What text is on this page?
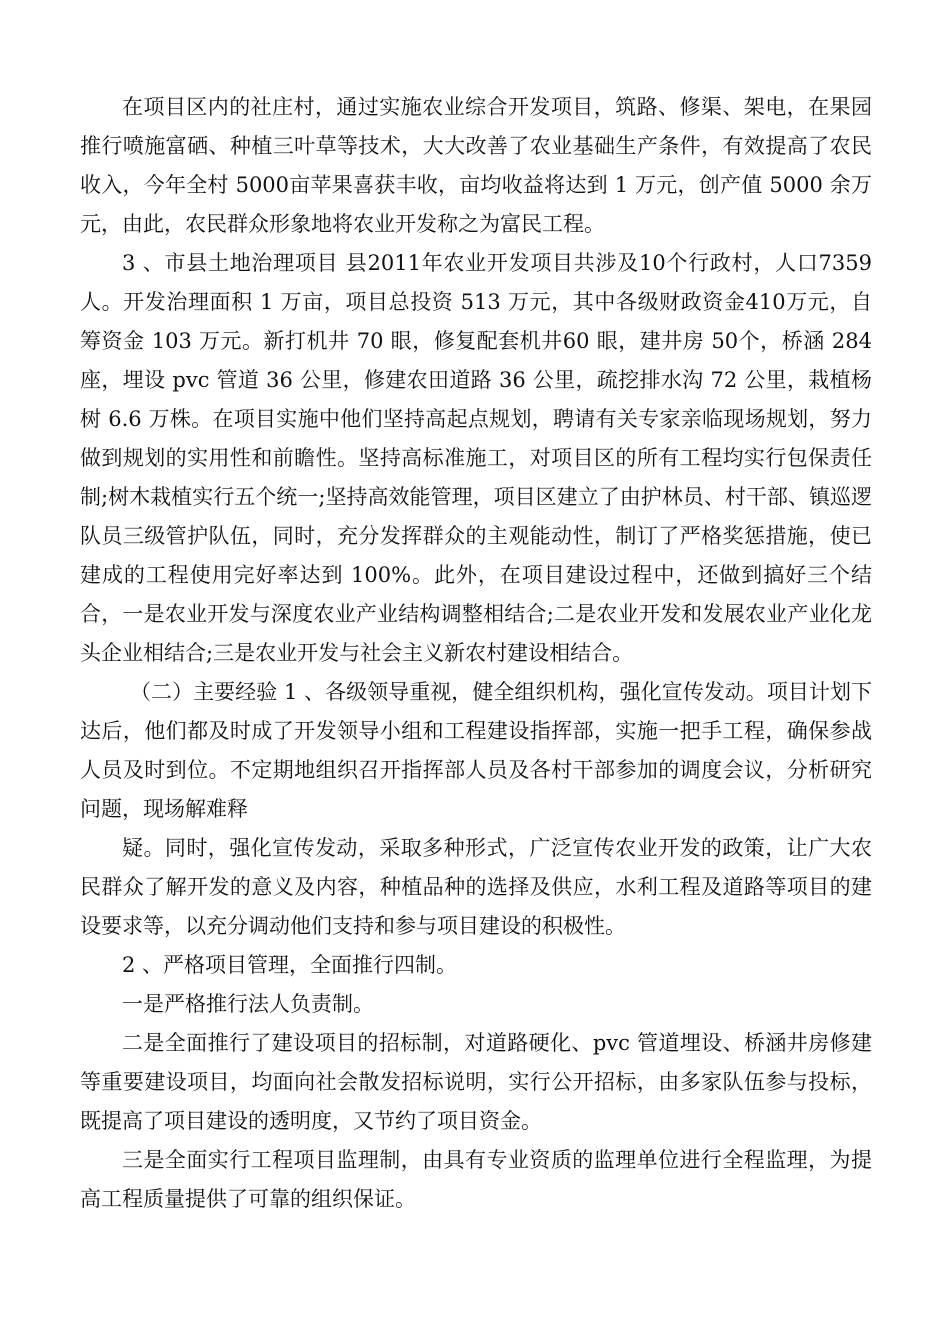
在项目区内的社庄村，通过实施农业综合开发项目，筑路、修渠、架电，在果园推行喷施富硒、种植三叶草等技术，大大改善了农业基础生产条件，有效提高了农民收入，今年全村 5000亩苹果喜获丰收，亩均收益将达到 1 万元，创产值 5000 余万元，由此，农民群众形象地将农业开发称之为富民工程。

3 、市县土地治理项目 县2011年农业开发项目共涉及10个行政村，人口7359人。开发治理面积 1 万亩，项目总投资 513 万元，其中各级财政资金410万元，自筹资金 103 万元。新打机井 70 眼，修复配套机井60 眼，建井房 50个，桥涵 284 座，埋设 pvc 管道 36 公里，修建农田道路 36 公里，疏挖排水沟 72 公里，栽植杨树 6.6 万株。在项目实施中他们坚持高起点规划，聘请有关专家亲临现场规划，努力做到规划的实用性和前瞻性。坚持高标准施工，对项目区的所有工程均实行包保责任制;树木栽植实行五个统一;坚持高效能管理，项目区建立了由护林员、村干部、镇巡逻队员三级管护队伍，同时，充分发挥群众的主观能动性，制订了严格奖惩措施，使已建成的工程使用完好率达到 100%。此外，在项目建设过程中，还做到搞好三个结合，一是农业开发与深度农业产业结构调整相结合;二是农业开发和发展农业产业化龙头企业相结合;三是农业开发与社会主义新农村建设相结合。

（二）主要经验 1 、各级领导重视，健全组织机构，强化宣传发动。项目计划下达后，他们都及时成了开发领导小组和工程建设指挥部，实施一把手工程，确保参战人员及时到位。不定期地组织召开指挥部人员及各村干部参加的调度会议，分析研究问题，现场解难释

疑。同时，强化宣传发动，采取多种形式，广泛宣传农业开发的政策，让广大农民群众了解开发的意义及内容，种植品种的选择及供应，水利工程及道路等项目的建设要求等，以充分调动他们支持和参与项目建设的积极性。

2 、严格项目管理，全面推行四制。

一是严格推行法人负责制。

二是全面推行了建设项目的招标制，对道路硬化、pvc 管道埋设、桥涵井房修建等重要建设项目，均面向社会散发招标说明，实行公开招标，由多家队伍参与投标，既提高了项目建设的透明度，又节约了项目资金。

三是全面实行工程项目监理制，由具有专业资质的监理单位进行全程监理，为提高工程质量提供了可靠的组织保证。
